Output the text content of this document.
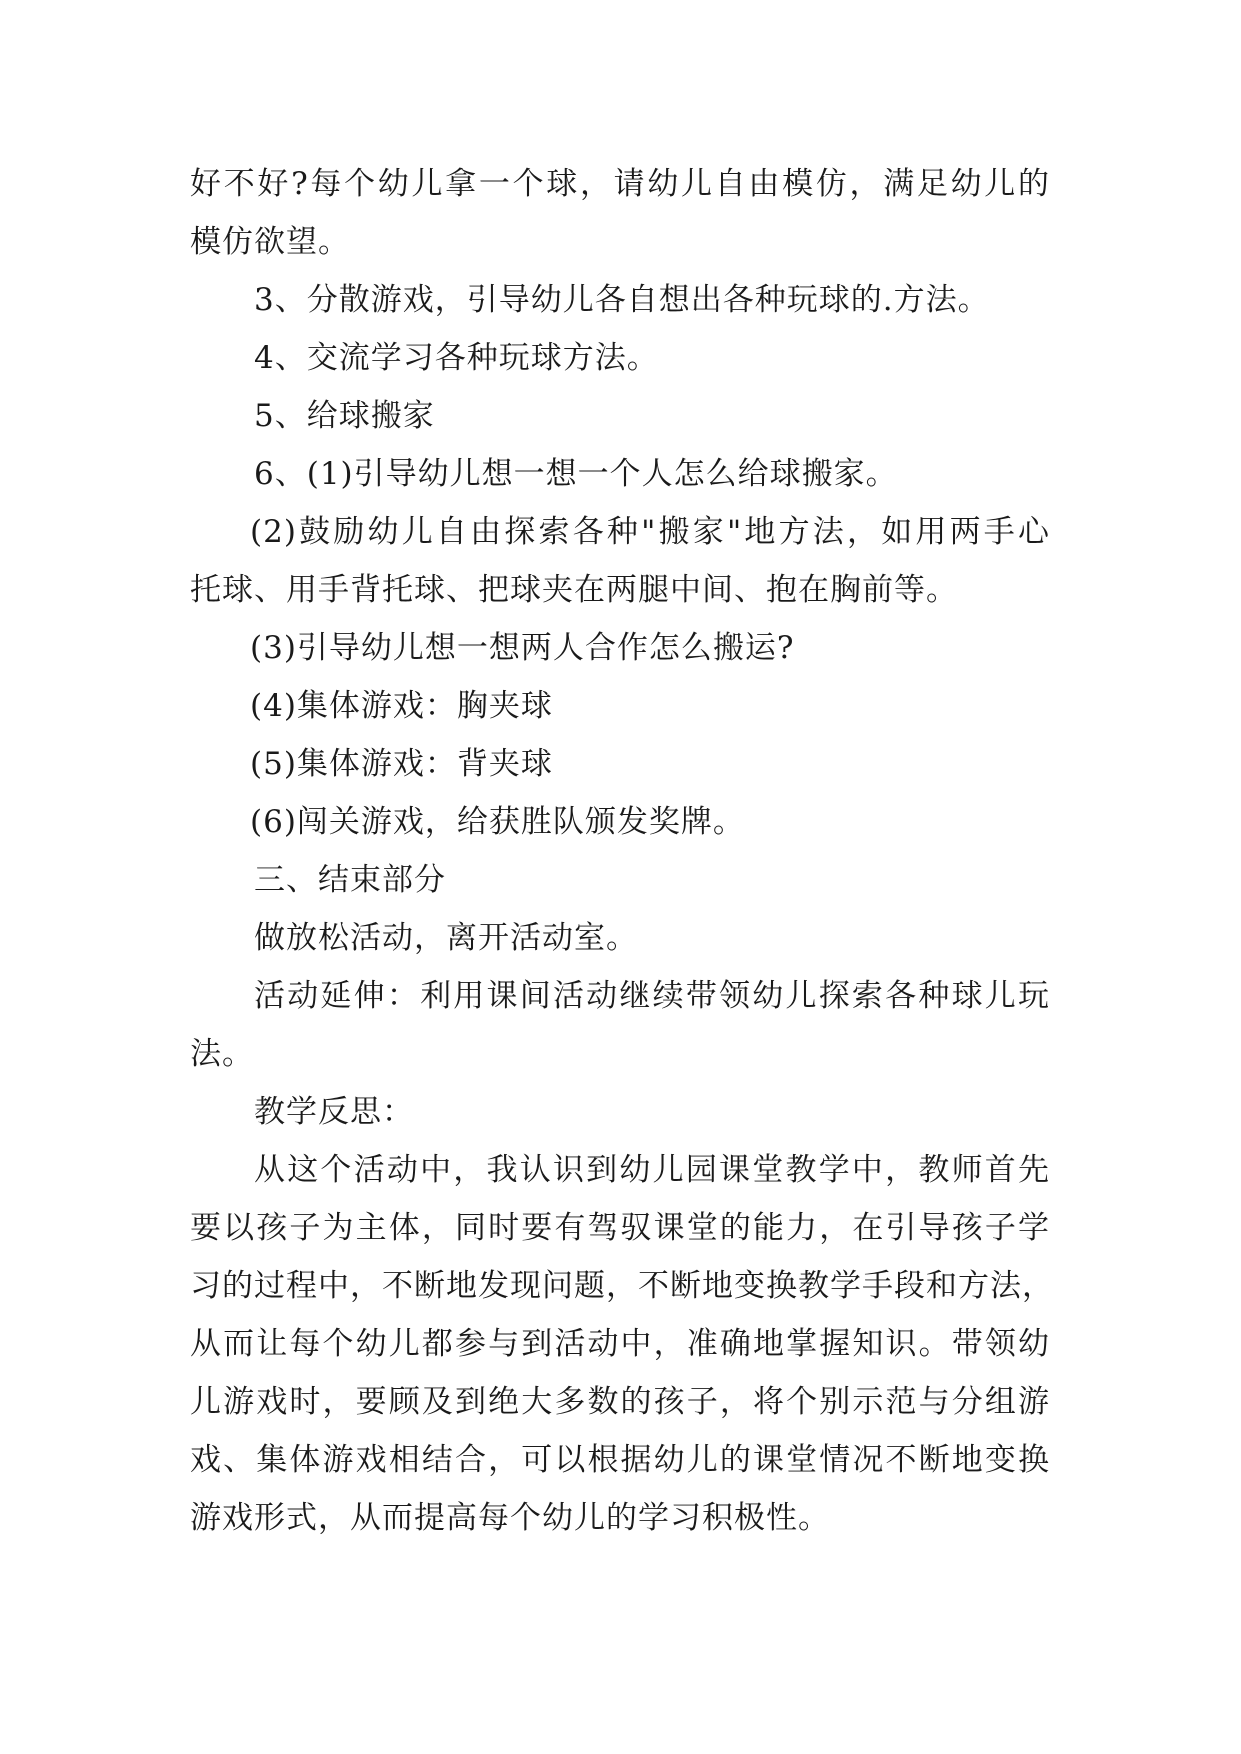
好不好?每个幼儿拿一个球，请幼儿自由模仿，满足幼儿的
模仿欲望。
3、分散游戏，引导幼儿各自想出各种玩球的.方法。
4、交流学习各种玩球方法。
5、给球搬家
6、(1)引导幼儿想一想一个人怎么给球搬家。
(2)鼓励幼儿自由探索各种"搬家"地方法，如用两手心
托球、用手背托球、把球夹在两腿中间、抱在胸前等。
(3)引导幼儿想一想两人合作怎么搬运?
(4)集体游戏：胸夹球
(5)集体游戏：背夹球
(6)闯关游戏，给获胜队颁发奖牌。
三、结束部分
做放松活动，离开活动室。
活动延伸：利用课间活动继续带领幼儿探索各种球儿玩
法。
教学反思：
从这个活动中，我认识到幼儿园课堂教学中，教师首先
要以孩子为主体，同时要有驾驭课堂的能力，在引导孩子学
习的过程中，不断地发现问题，不断地变换教学手段和方法，
从而让每个幼儿都参与到活动中，准确地掌握知识。带领幼
儿游戏时，要顾及到绝大多数的孩子，将个别示范与分组游
戏、集体游戏相结合，可以根据幼儿的课堂情况不断地变换
游戏形式，从而提高每个幼儿的学习积极性。
